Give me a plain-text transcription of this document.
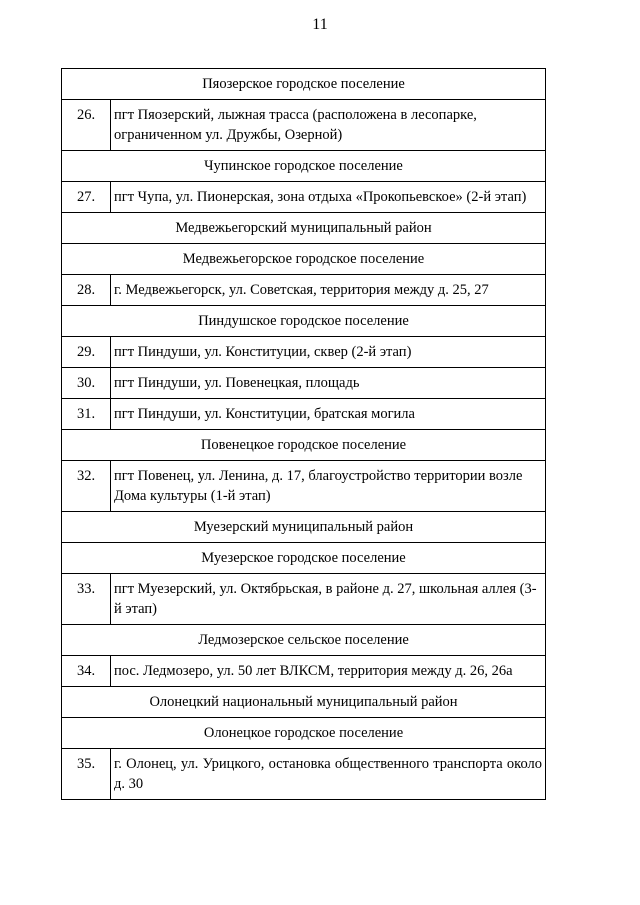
11
Пяозерское городское поселение	
26.	пгт Пяозерский, лыжная трасса (расположена в лесопарке, ограниченном ул. Дружбы, Озерной)
Чупинское городское поселение	
27.	пгт Чупа, ул. Пионерская, зона отдыха «Прокопьевское» (2-й этап)
Медвежьегорский муниципальный район	
Медвежьегорское городское поселение	
28.	г. Медвежьегорск, ул. Советская, территория между д. 25, 27
Пиндушское городское поселение	
29.	пгт Пиндуши, ул. Конституции, сквер (2-й этап)
30.	пгт Пиндуши, ул. Повенецкая, площадь
31.	пгт Пиндуши, ул. Конституции, братская могила
Повенецкое городское поселение	
32.	пгт Повенец, ул. Ленина, д. 17, благоустройство территории возле Дома культуры (1-й этап)
Муезерский муниципальный район	
Муезерское городское поселение	
33.	пгт Муезерский, ул. Октябрьская, в районе д. 27, школьная аллея (3-й этап)
Ледмозерское сельское поселение	
34.	пос. Ледмозеро, ул. 50 лет ВЛКСМ, территория между д. 26, 26а
Олонецкий национальный муниципальный район	
Олонецкое городское поселение	
35.	г. Олонец, ул. Урицкого, остановка общественного транспорта около д. 30
